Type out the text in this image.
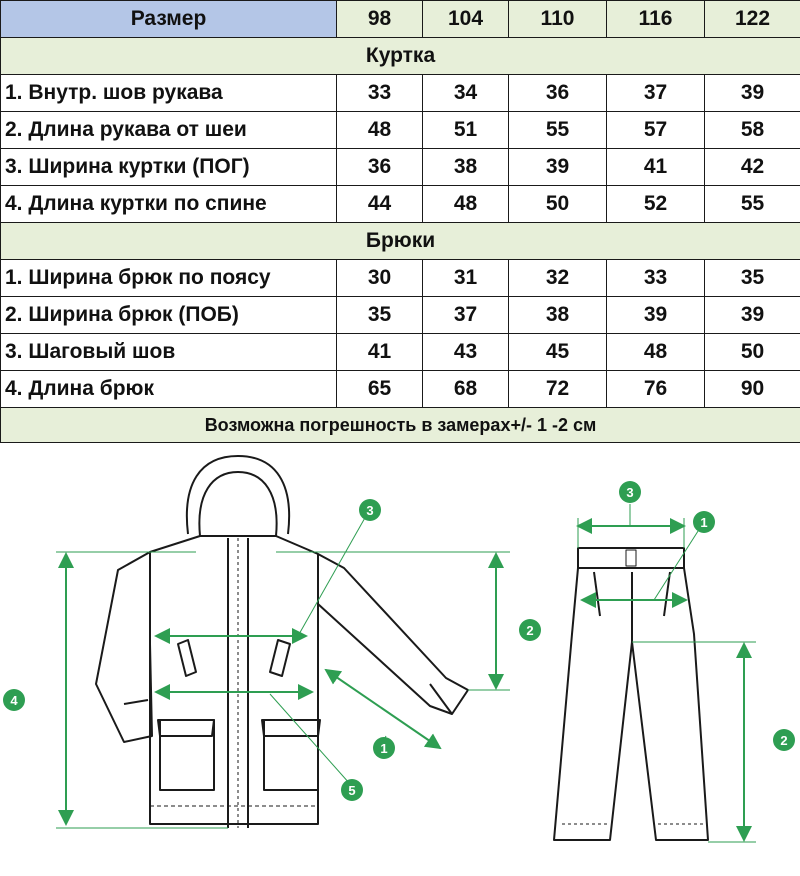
Размер	98	104	110	116	122
Куртка					
1. Внутр. шов рукава	33	34	36	37	39
2. Длина рукава от шеи	48	51	55	57	58
3. Ширина куртки (ПОГ)	36	38	39	41	42
4. Длина куртки по спине	44	48	50	52	55
Брюки					
1. Ширина брюк по поясу	30	31	32	33	35
2. Ширина брюк (ПОБ)	35	37	38	39	39
3. Шаговый шов	41	43	45	48	50
4. Длина брюк	65	68	72	76	90
Возможна погрешность в замерах+/- 1 -2 см					
4
3
2
1
5
3
1
2
